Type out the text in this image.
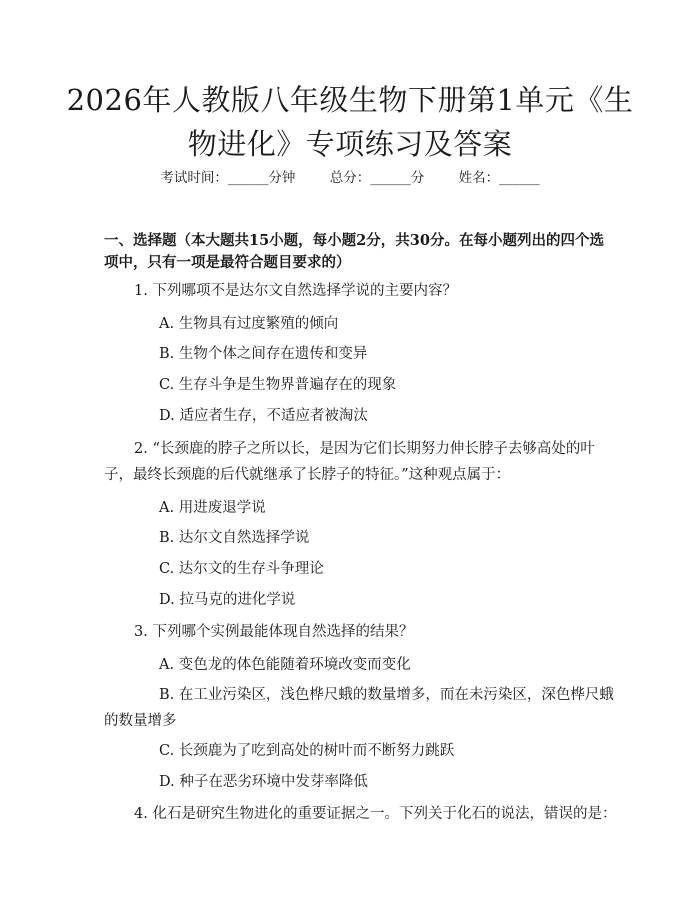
2026年人教版八年级生物下册第1单元《生
物进化》专项练习及答案
考试时间：______分钟	总分：______分	姓名：______
一、选择题（本大题共15小题，每小题2分，共30分。在每小题列出的四个选
项中，只有一项是最符合题目要求的）
1. 下列哪项不是达尔文自然选择学说的主要内容？
A. 生物具有过度繁殖的倾向
B. 生物个体之间存在遗传和变异
C. 生存斗争是生物界普遍存在的现象
D. 适应者生存，不适应者被淘汰
2. “长颈鹿的脖子之所以长，是因为它们长期努力伸长脖子去够高处的叶
子，最终长颈鹿的后代就继承了长脖子的特征。”这种观点属于：
A. 用进废退学说
B. 达尔文自然选择学说
C. 达尔文的生存斗争理论
D. 拉马克的进化学说
3. 下列哪个实例最能体现自然选择的结果？
A. 变色龙的体色能随着环境改变而变化
B. 在工业污染区，浅色桦尺蛾的数量增多，而在未污染区，深色桦尺蛾
的数量增多
C. 长颈鹿为了吃到高处的树叶而不断努力跳跃
D. 种子在恶劣环境中发芽率降低
4. 化石是研究生物进化的重要证据之一。下列关于化石的说法，错误的是：
